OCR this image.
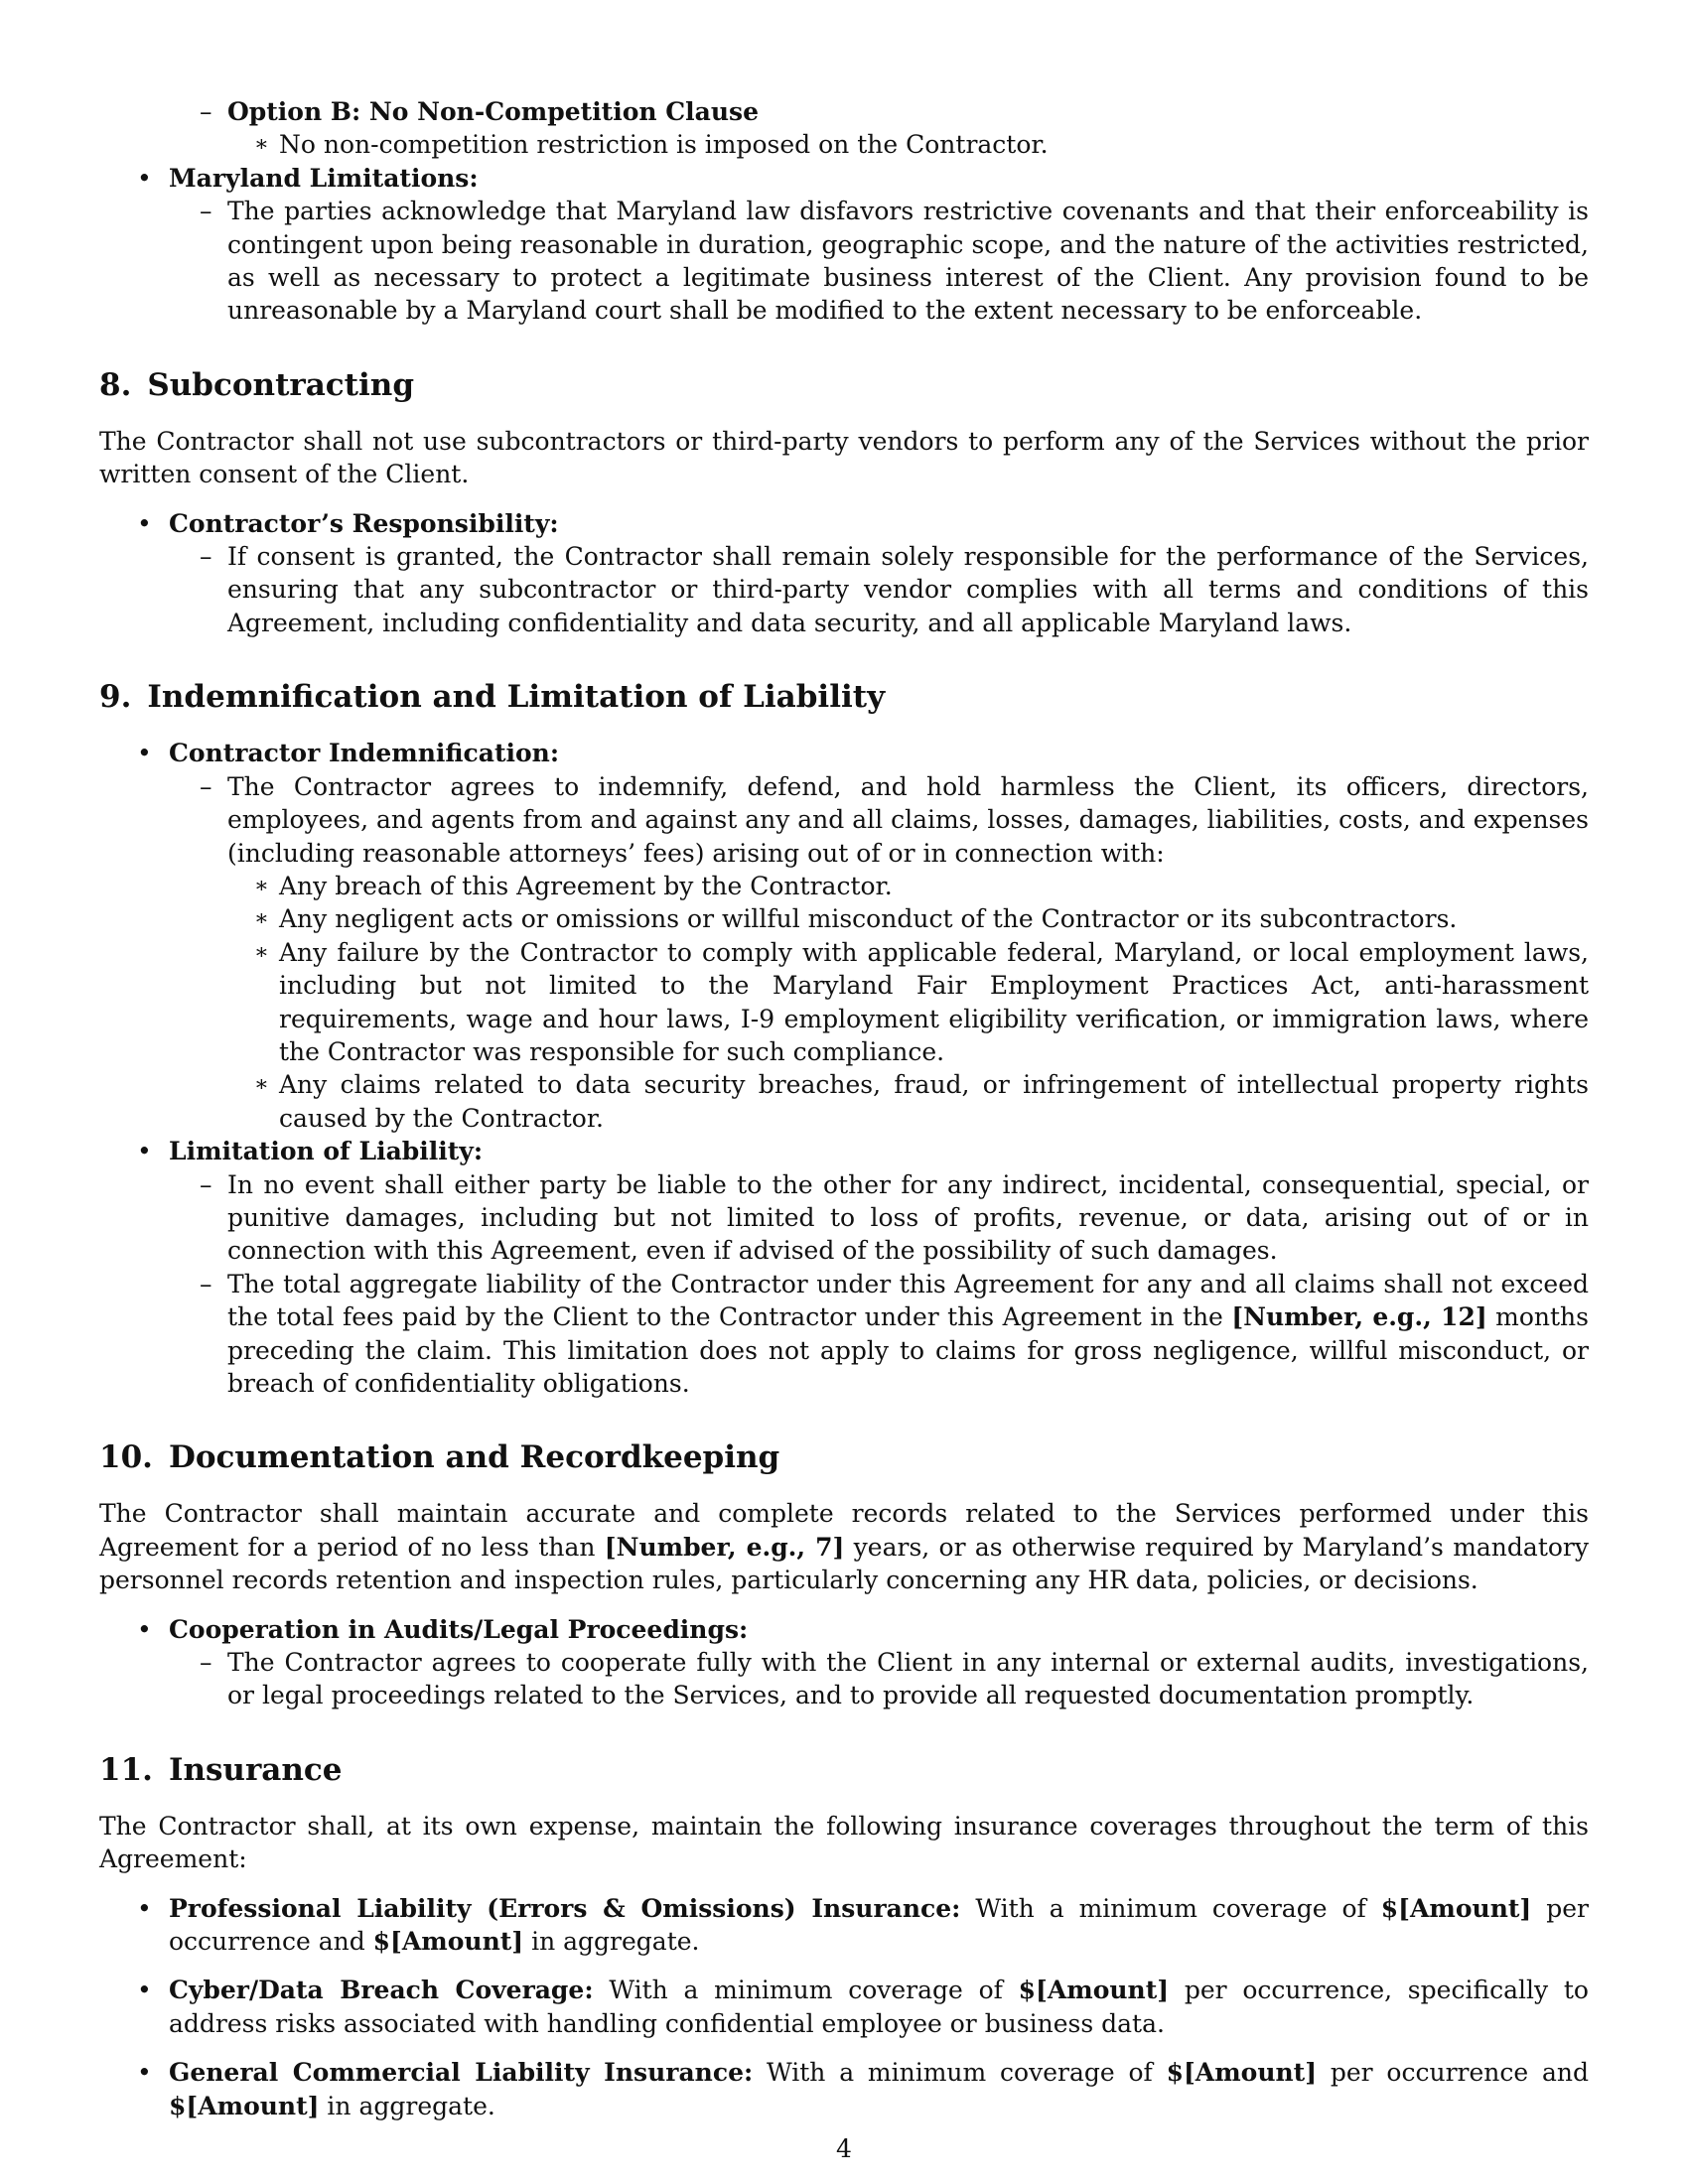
– Option B: No Non-Competition Clause
∗ No non-competition restriction is imposed on the Contractor.
• Maryland Limitations:
– The parties acknowledge that Maryland law disfavors restrictive covenants and that their enforceability is contingent upon being reasonable in duration, geographic scope, and the nature of the activities restricted, as well as necessary to protect a legitimate business interest of the Client. Any provision found to be unreasonable by a Maryland court shall be modified to the extent necessary to be enforceable.
8. Subcontracting

The Contractor shall not use subcontractors or third-party vendors to perform any of the Services without the prior written consent of the Client.

• Contractor’s Responsibility:
– If consent is granted, the Contractor shall remain solely responsible for the performance of the Services, ensuring that any subcontractor or third-party vendor complies with all terms and conditions of this Agreement, including confidentiality and data security, and all applicable Maryland laws.
9. Indemnification and Limitation of Liability
• Contractor Indemnification:
– The Contractor agrees to indemnify, defend, and hold harmless the Client, its officers, directors, employees, and agents from and against any and all claims, losses, damages, liabilities, costs, and expenses (including reasonable attorneys’ fees) arising out of or in connection with:
∗ Any breach of this Agreement by the Contractor.
∗ Any negligent acts or omissions or willful misconduct of the Contractor or its subcontractors.
∗ Any failure by the Contractor to comply with applicable federal, Maryland, or local employment laws, including but not limited to the Maryland Fair Employment Practices Act, anti-harassment requirements, wage and hour laws, I-9 employment eligibility verification, or immigration laws, where the Contractor was responsible for such compliance.
∗ Any claims related to data security breaches, fraud, or infringement of intellectual property rights caused by the Contractor.
• Limitation of Liability:
– In no event shall either party be liable to the other for any indirect, incidental, consequential, special, or punitive damages, including but not limited to loss of profits, revenue, or data, arising out of or in connection with this Agreement, even if advised of the possibility of such damages.
– The total aggregate liability of the Contractor under this Agreement for any and all claims shall not exceed the total fees paid by the Client to the Contractor under this Agreement in the [Number, e.g., 12] months preceding the claim. This limitation does not apply to claims for gross negligence, willful misconduct, or breach of confidentiality obligations.
10. Documentation and Recordkeeping

The Contractor shall maintain accurate and complete records related to the Services performed under this Agreement for a period of no less than [Number, e.g., 7] years, or as otherwise required by Maryland’s mandatory personnel records retention and inspection rules, particularly concerning any HR data, policies, or decisions.

• Cooperation in Audits/Legal Proceedings:
– The Contractor agrees to cooperate fully with the Client in any internal or external audits, investigations, or legal proceedings related to the Services, and to provide all requested documentation promptly.
11. Insurance

The Contractor shall, at its own expense, maintain the following insurance coverages throughout the term of this Agreement:

• Professional Liability (Errors & Omissions) Insurance: With a minimum coverage of $[Amount] per occurrence and $[Amount] in aggregate.
• Cyber/Data Breach Coverage: With a minimum coverage of $[Amount] per occurrence, specifically to address risks associated with handling confidential employee or business data.
• General Commercial Liability Insurance: With a minimum coverage of $[Amount] per occurrence and $[Amount] in aggregate.
4
